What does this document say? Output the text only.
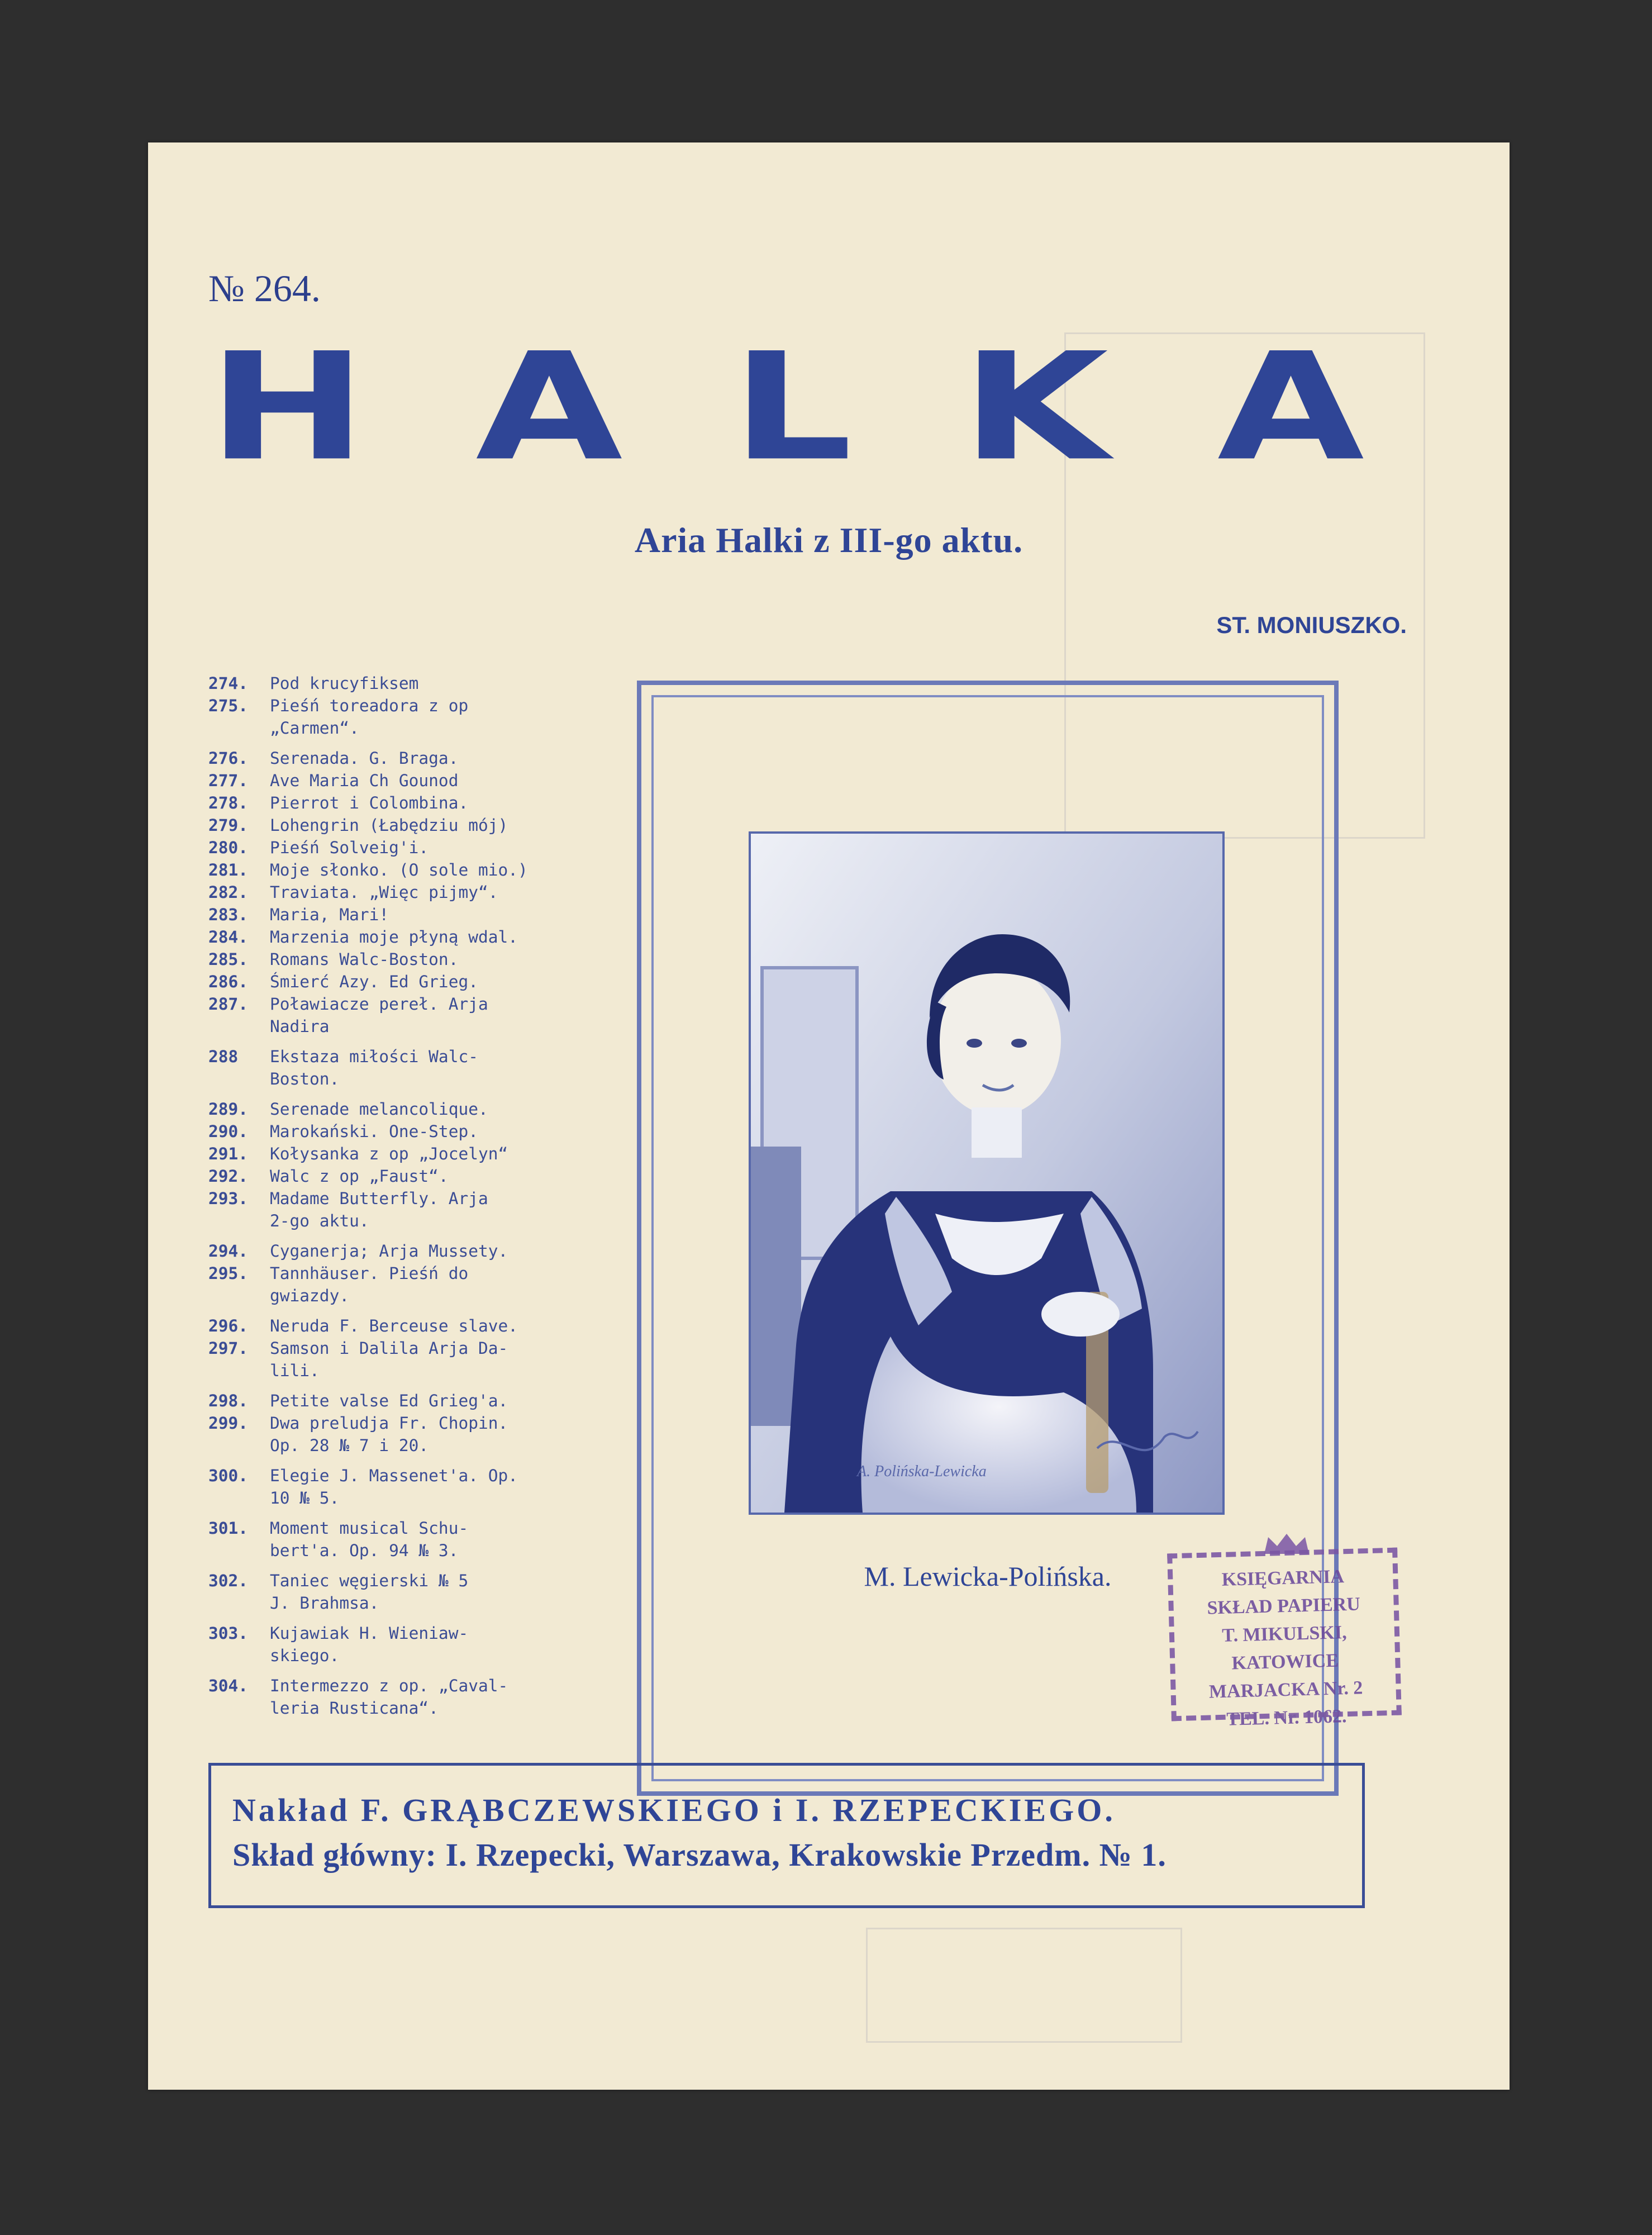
№ 264.
H A L K A
Aria Halki z III-go aktu.
ST. MONIUSZKO.
274.	Pod krucyfiksem
275.	Pieśń toreadora z op
„Carmen“.
276.	Serenada. G. Braga.
277.	Ave Maria Ch Gounod
278.	Pierrot i Colombina.
279.	Lohengrin (Łabędziu mój)
280.	Pieśń Solveig'i.
281.	Moje słonko. (O sole mio.)
282.	Traviata. „Więc pijmy“.
283.	Maria, Mari!
284.	Marzenia moje płyną wdal.
285.	Romans Walc-Boston.
286.	Śmierć Azy. Ed Grieg.
287.	Poławiacze pereł. Arja
Nadira
288	Ekstaza miłości Walc-
Boston.
289.	Serenade melancolique.
290.	Marokański. One-Step.
291.	Kołysanka z op „Jocelyn“
292.	Walc z op „Faust“.
293.	Madame Butterfly. Arja
2-go aktu.
294.	Cyganerja; Arja Mussety.
295.	Tannhäuser. Pieśń do
gwiazdy.
296.	Neruda F. Berceuse slave.
297.	Samson i Dalila Arja Da-
lili.
298.	Petite valse Ed Grieg'a.
299.	Dwa preludja Fr. Chopin.
Op. 28 № 7 i 20.
300.	Elegie J. Massenet'a. Op.
10 № 5.
301.	Moment musical Schu-
bert'a. Op. 94 № 3.
302.	Taniec węgierski № 5
J. Brahmsa.
303.	Kujawiak H. Wieniaw-
skiego.
304.	Intermezzo z op. „Caval-
leria Rusticana“.
A. Polińska-Lewicka
M. Lewicka-Polińska.	KSIĘGARNIA
SKŁAD PAPIERU
T. MIKULSKI,
KATOWICE
MARJACKA Nr. 2
TEL. Nr. 1062.
Nakład F. GRĄBCZEWSKIEGO i I. RZEPECKIEGO.
Skład główny: I. Rzepecki, Warszawa, Krakowskie Przedm. № 1.
